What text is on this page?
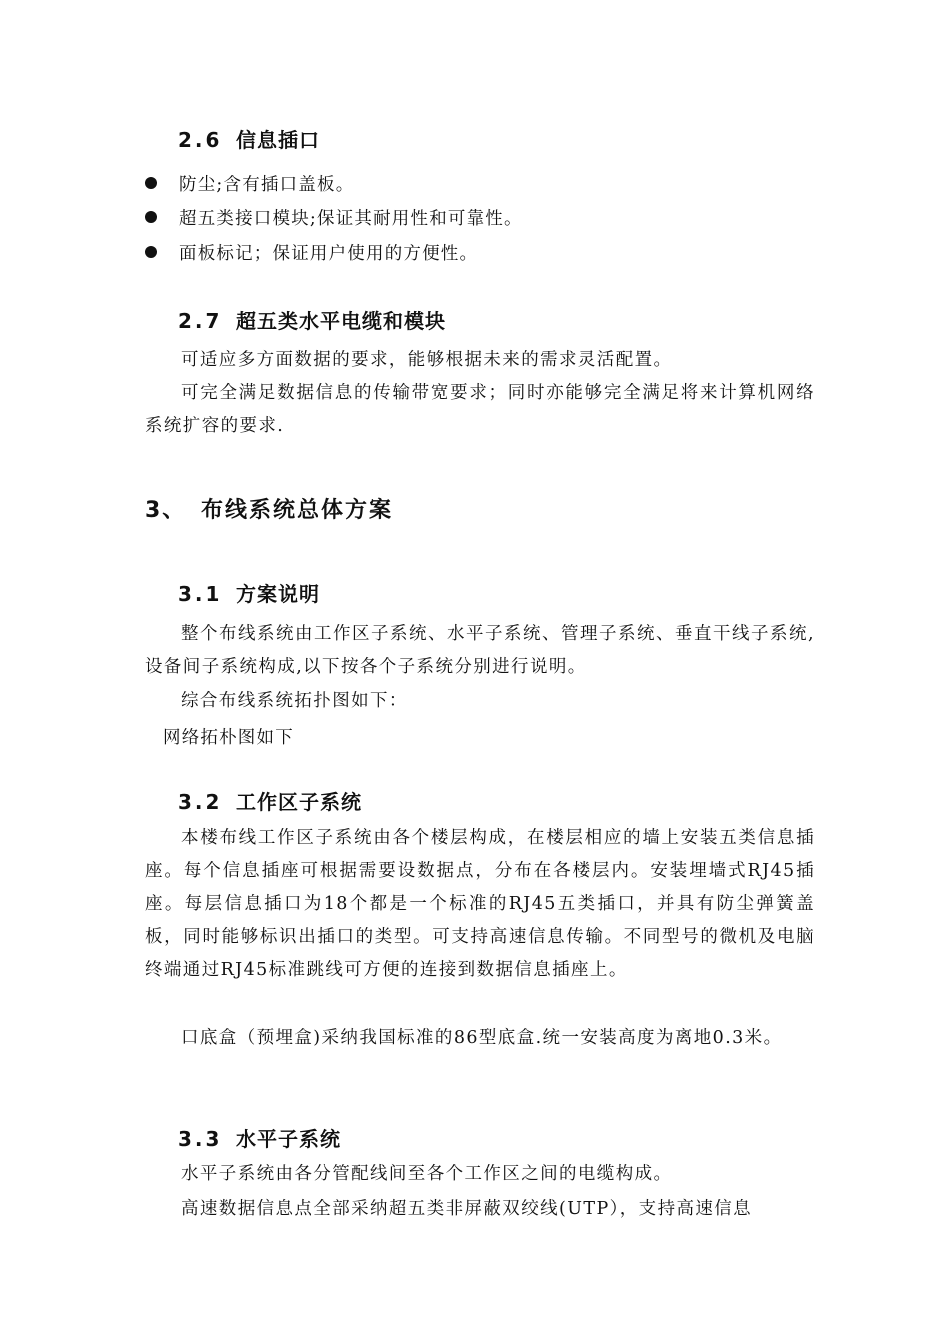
2.6 信息插口
防尘;含有插口盖板。
超五类接口模块;保证其耐用性和可靠性。
面板标记；保证用户使用的方便性。
2.7 超五类水平电缆和模块

可适应多方面数据的要求，能够根据未来的需求灵活配置。

可完全满足数据信息的传输带宽要求；同时亦能够完全满足将来计算机网络系统扩容的要求.

3、 布线系统总体方案
3.1 方案说明

整个布线系统由工作区子系统、水平子系统、管理子系统、垂直干线子系统,设备间子系统构成,以下按各个子系统分别进行说明。

综合布线系统拓扑图如下：

网络拓朴图如下
3.2 工作区子系统

本楼布线工作区子系统由各个楼层构成，在楼层相应的墙上安装五类信息插座。每个信息插座可根据需要设数据点，分布在各楼层内。安装埋墙式RJ45插座。每层信息插口为18个都是一个标准的RJ45五类插口，并具有防尘弹簧盖板，同时能够标识出插口的类型。可支持高速信息传输。不同型号的微机及电脑终端通过RJ45标准跳线可方便的连接到数据信息插座上。

口底盒（预埋盒)采纳我国标准的86型底盒.统一安装高度为离地0.3米。

3.3 水平子系统

水平子系统由各分管配线间至各个工作区之间的电缆构成。

高速数据信息点全部采纳超五类非屏蔽双绞线(UTP），支持高速信息
